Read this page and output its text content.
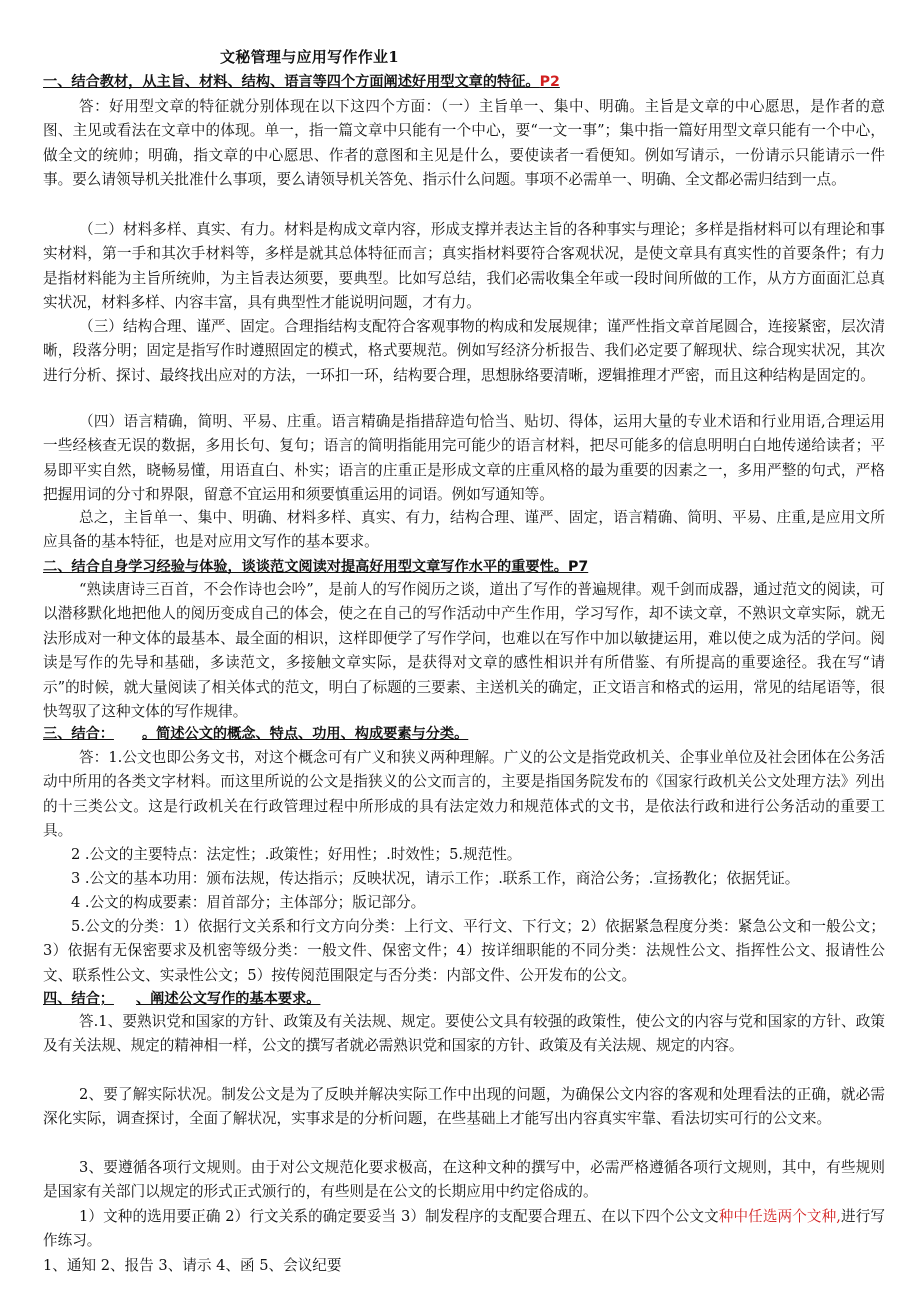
文秘管理与应用写作作业1
一、结合教材，从主旨、材料、结构、语言等四个方面阐述好用型文章的特征。P2
答：好用型文章的特征就分别体现在以下这四个方面：（一）主旨单一、集中、明确。主旨是文章的中心愿思，是作者的意图、主见或看法在文章中的体现。单一，指一篇文章中只能有一个中心，要“一文一事”；集中指一篇好用型文章只能有一个中心，做全文的统帅；明确，指文章的中心愿思、作者的意图和主见是什么，要使读者一看便知。例如写请示，一份请示只能请示一件事。要么请领导机关批准什么事项，要么请领导机关答免、指示什么问题。事项不必需单一、明确、全文都必需归结到一点。
（二）材料多样、真实、有力。材料是构成文章内容，形成支撑并表达主旨的各种事实与理论；多样是指材料可以有理论和事实材料，第一手和其次手材料等，多样是就其总体特征而言；真实指材料要符合客观状况，是使文章具有真实性的首要条件；有力是指材料能为主旨所统帅，为主旨表达须要，要典型。比如写总结，我们必需收集全年或一段时间所做的工作，从方方面面汇总真实状况，材料多样、内容丰富，具有典型性才能说明问题，才有力。
（三）结构合理、谨严、固定。合理指结构支配符合客观事物的构成和发展规律；谨严性指文章首尾圆合，连接紧密，层次清晰，段落分明；固定是指写作时遵照固定的模式，格式要规范。例如写经济分析报告、我们必定要了解现状、综合现实状况，其次进行分析、探讨、最终找出应对的方法，一环扣一环，结构要合理，思想脉络要清晰，逻辑推理才严密，而且这种结构是固定的。
（四）语言精确，简明、平易、庄重。语言精确是指措辞造句恰当、贴切、得体，运用大量的专业术语和行业用语,合理运用一些经核查无误的数据，多用长句、复句；语言的简明指能用完可能少的语言材料，把尽可能多的信息明明白白地传递给读者；平易即平实自然，晓畅易懂，用语直白、朴实；语言的庄重正是形成文章的庄重风格的最为重要的因素之一，多用严整的句式，严格把握用词的分寸和界限，留意不宜运用和须要慎重运用的词语。例如写通知等。
总之，主旨单一、集中、明确、材料多样、真实、有力，结构合理、谨严、固定，语言精确、简明、平易、庄重,是应用文所应具备的基本特征，也是对应用文写作的基本要求。
二、结合自身学习经验与体验，谈谈范文阅读对提高好用型文章写作水平的重要性。P7
“熟读唐诗三百首，不会作诗也会吟”，是前人的写作阅历之谈，道出了写作的普遍规律。观千剑而成器，通过范文的阅读，可以潜移默化地把他人的阅历变成自己的体会，使之在自己的写作活动中产生作用，学习写作，却不读文章，不熟识文章实际，就无法形成对一种文体的最基本、最全面的相识，这样即便学了写作学问，也难以在写作中加以敏捷运用，难以使之成为活的学问。阅读是写作的先导和基础，多读范文，多接触文章实际，是获得对文章的感性相识并有所借鉴、有所提高的重要途径。我在写“请示”的时候，就大量阅读了相关体式的范文，明白了标题的三要素、主送机关的确定，正文语言和格式的运用，常见的结尾语等，很快驾驭了这种文体的写作规律。
三、结合： 。简述公文的概念、特点、功用、构成要素与分类。
答：1.公文也即公务文书，对这个概念可有广义和狭义两种理解。广义的公文是指党政机关、企事业单位及社会团体在公务活动中所用的各类文字材料。而这里所说的公文是指狭义的公文而言的，主要是指国务院发布的《国家行政机关公文处理方法》列出的十三类公文。这是行政机关在行政管理过程中所形成的具有法定效力和规范体式的文书，是依法行政和进行公务活动的重要工具。
2 .公文的主要特点：法定性；.政策性；好用性；.时效性；5.规范性。
3 .公文的基本功用：颁布法规，传达指示；反映状况，请示工作；.联系工作，商洽公务；.宣扬教化；依据凭证。
4 .公文的构成要素：眉首部分；主体部分；版记部分。
5.公文的分类：1）依据行文关系和行文方向分类：上行文、平行文、下行文；2）依据紧急程度分类：紧急公文和一般公文；3）依据有无保密要求及机密等级分类：一般文件、保密文件；4）按详细职能的不同分类：法规性公文、指挥性公文、报请性公文、联系性公文、实录性公文；5）按传阅范围限定与否分类：内部文件、公开发布的公文。
四、结合； 、阐述公文写作的基本要求。
答.1、要熟识党和国家的方针、政策及有关法规、规定。要使公文具有较强的政策性，使公文的内容与党和国家的方针、政策及有关法规、规定的精神相一样，公文的撰写者就必需熟识党和国家的方针、政策及有关法规、规定的内容。
2、要了解实际状况。制发公文是为了反映并解决实际工作中出现的问题，为确保公文内容的客观和处理看法的正确，就必需深化实际，调查探讨，全面了解状况，实事求是的分析问题，在些基础上才能写出内容真实牢靠、看法切实可行的公文来。
3、要遵循各项行文规则。由于对公文规范化要求极高，在这种文种的撰写中，必需严格遵循各项行文规则，其中，有些规则是国家有关部门以规定的形式正式颁行的，有些则是在公文的长期应用中约定俗成的。
1）文种的选用要正确 2）行文关系的确定要妥当 3）制发程序的支配要合理五、在以下四个公文文种中任选两个文种,进行写作练习。
1、通知 2、报告 3、请示 4、函 5、会议纪要
